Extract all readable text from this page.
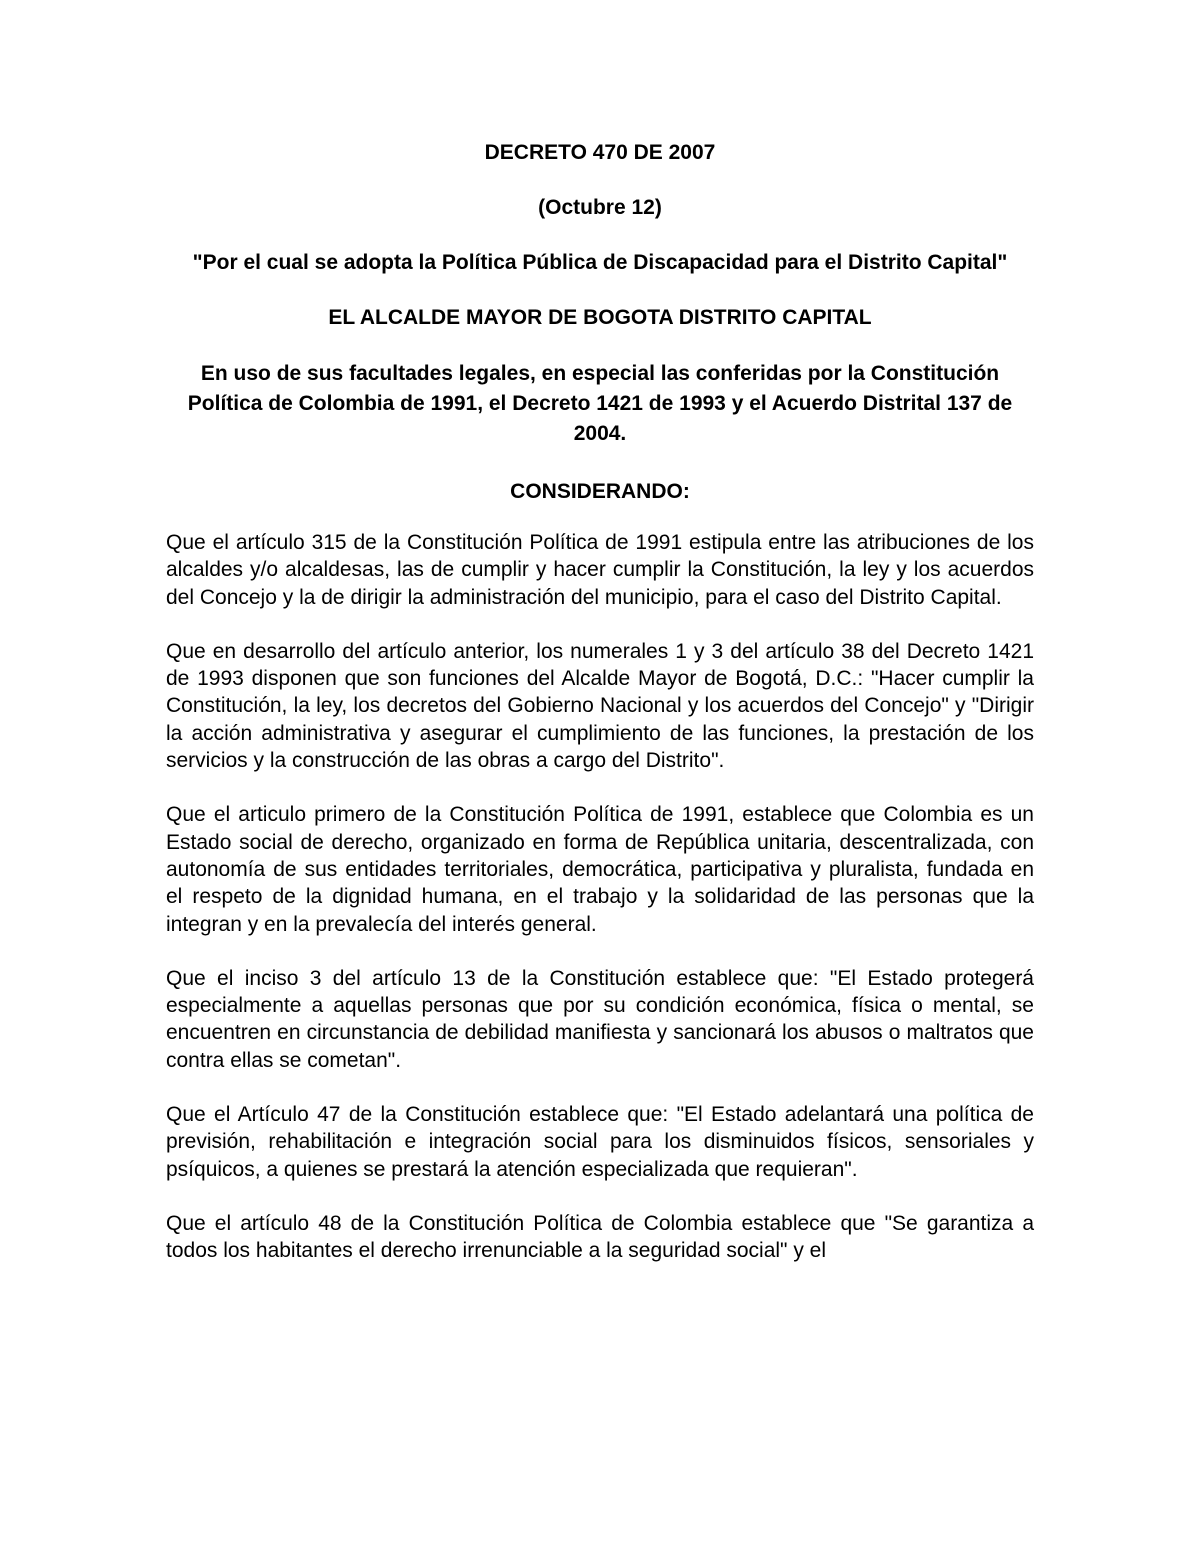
DECRETO 470 DE 2007

(Octubre 12)

"Por el cual se adopta la Política Pública de Discapacidad para el Distrito Capital"

EL ALCALDE MAYOR DE BOGOTA DISTRITO CAPITAL

En uso de sus facultades legales, en especial las conferidas por la Constitución Política de Colombia de 1991, el Decreto 1421 de 1993 y el Acuerdo Distrital 137 de 2004.

CONSIDERANDO:

Que el artículo 315 de la Constitución Política de 1991 estipula entre las atribuciones de los alcaldes y/o alcaldesas, las de cumplir y hacer cumplir la Constitución, la ley y los acuerdos del Concejo y la de dirigir la administración del municipio, para el caso del Distrito Capital.

Que en desarrollo del artículo anterior, los numerales 1 y 3 del artículo 38 del Decreto 1421 de 1993 disponen que son funciones del Alcalde Mayor de Bogotá, D.C.: "Hacer cumplir la Constitución, la ley, los decretos del Gobierno Nacional y los acuerdos del Concejo" y "Dirigir la acción administrativa y asegurar el cumplimiento de las funciones, la prestación de los servicios y la construcción de las obras a cargo del Distrito".

Que el articulo primero de la Constitución Política de 1991, establece que Colombia es un Estado social de derecho, organizado en forma de República unitaria, descentralizada, con autonomía de sus entidades territoriales, democrática, participativa y pluralista, fundada en el respeto de la dignidad humana, en el trabajo y la solidaridad de las personas que la integran y en la prevalecía del interés general.

Que el inciso 3 del artículo 13 de la Constitución establece que: "El Estado protegerá especialmente a aquellas personas que por su condición económica, física o mental, se encuentren en circunstancia de debilidad manifiesta y sancionará los abusos o maltratos que contra ellas se cometan".

Que el Artículo 47 de la Constitución establece que: "El Estado adelantará una política de previsión, rehabilitación e integración social para los disminuidos físicos, sensoriales y psíquicos, a quienes se prestará la atención especializada que requieran".

Que el artículo 48 de la Constitución Política de Colombia establece que "Se garantiza a todos los habitantes el derecho irrenunciable a la seguridad social" y el
